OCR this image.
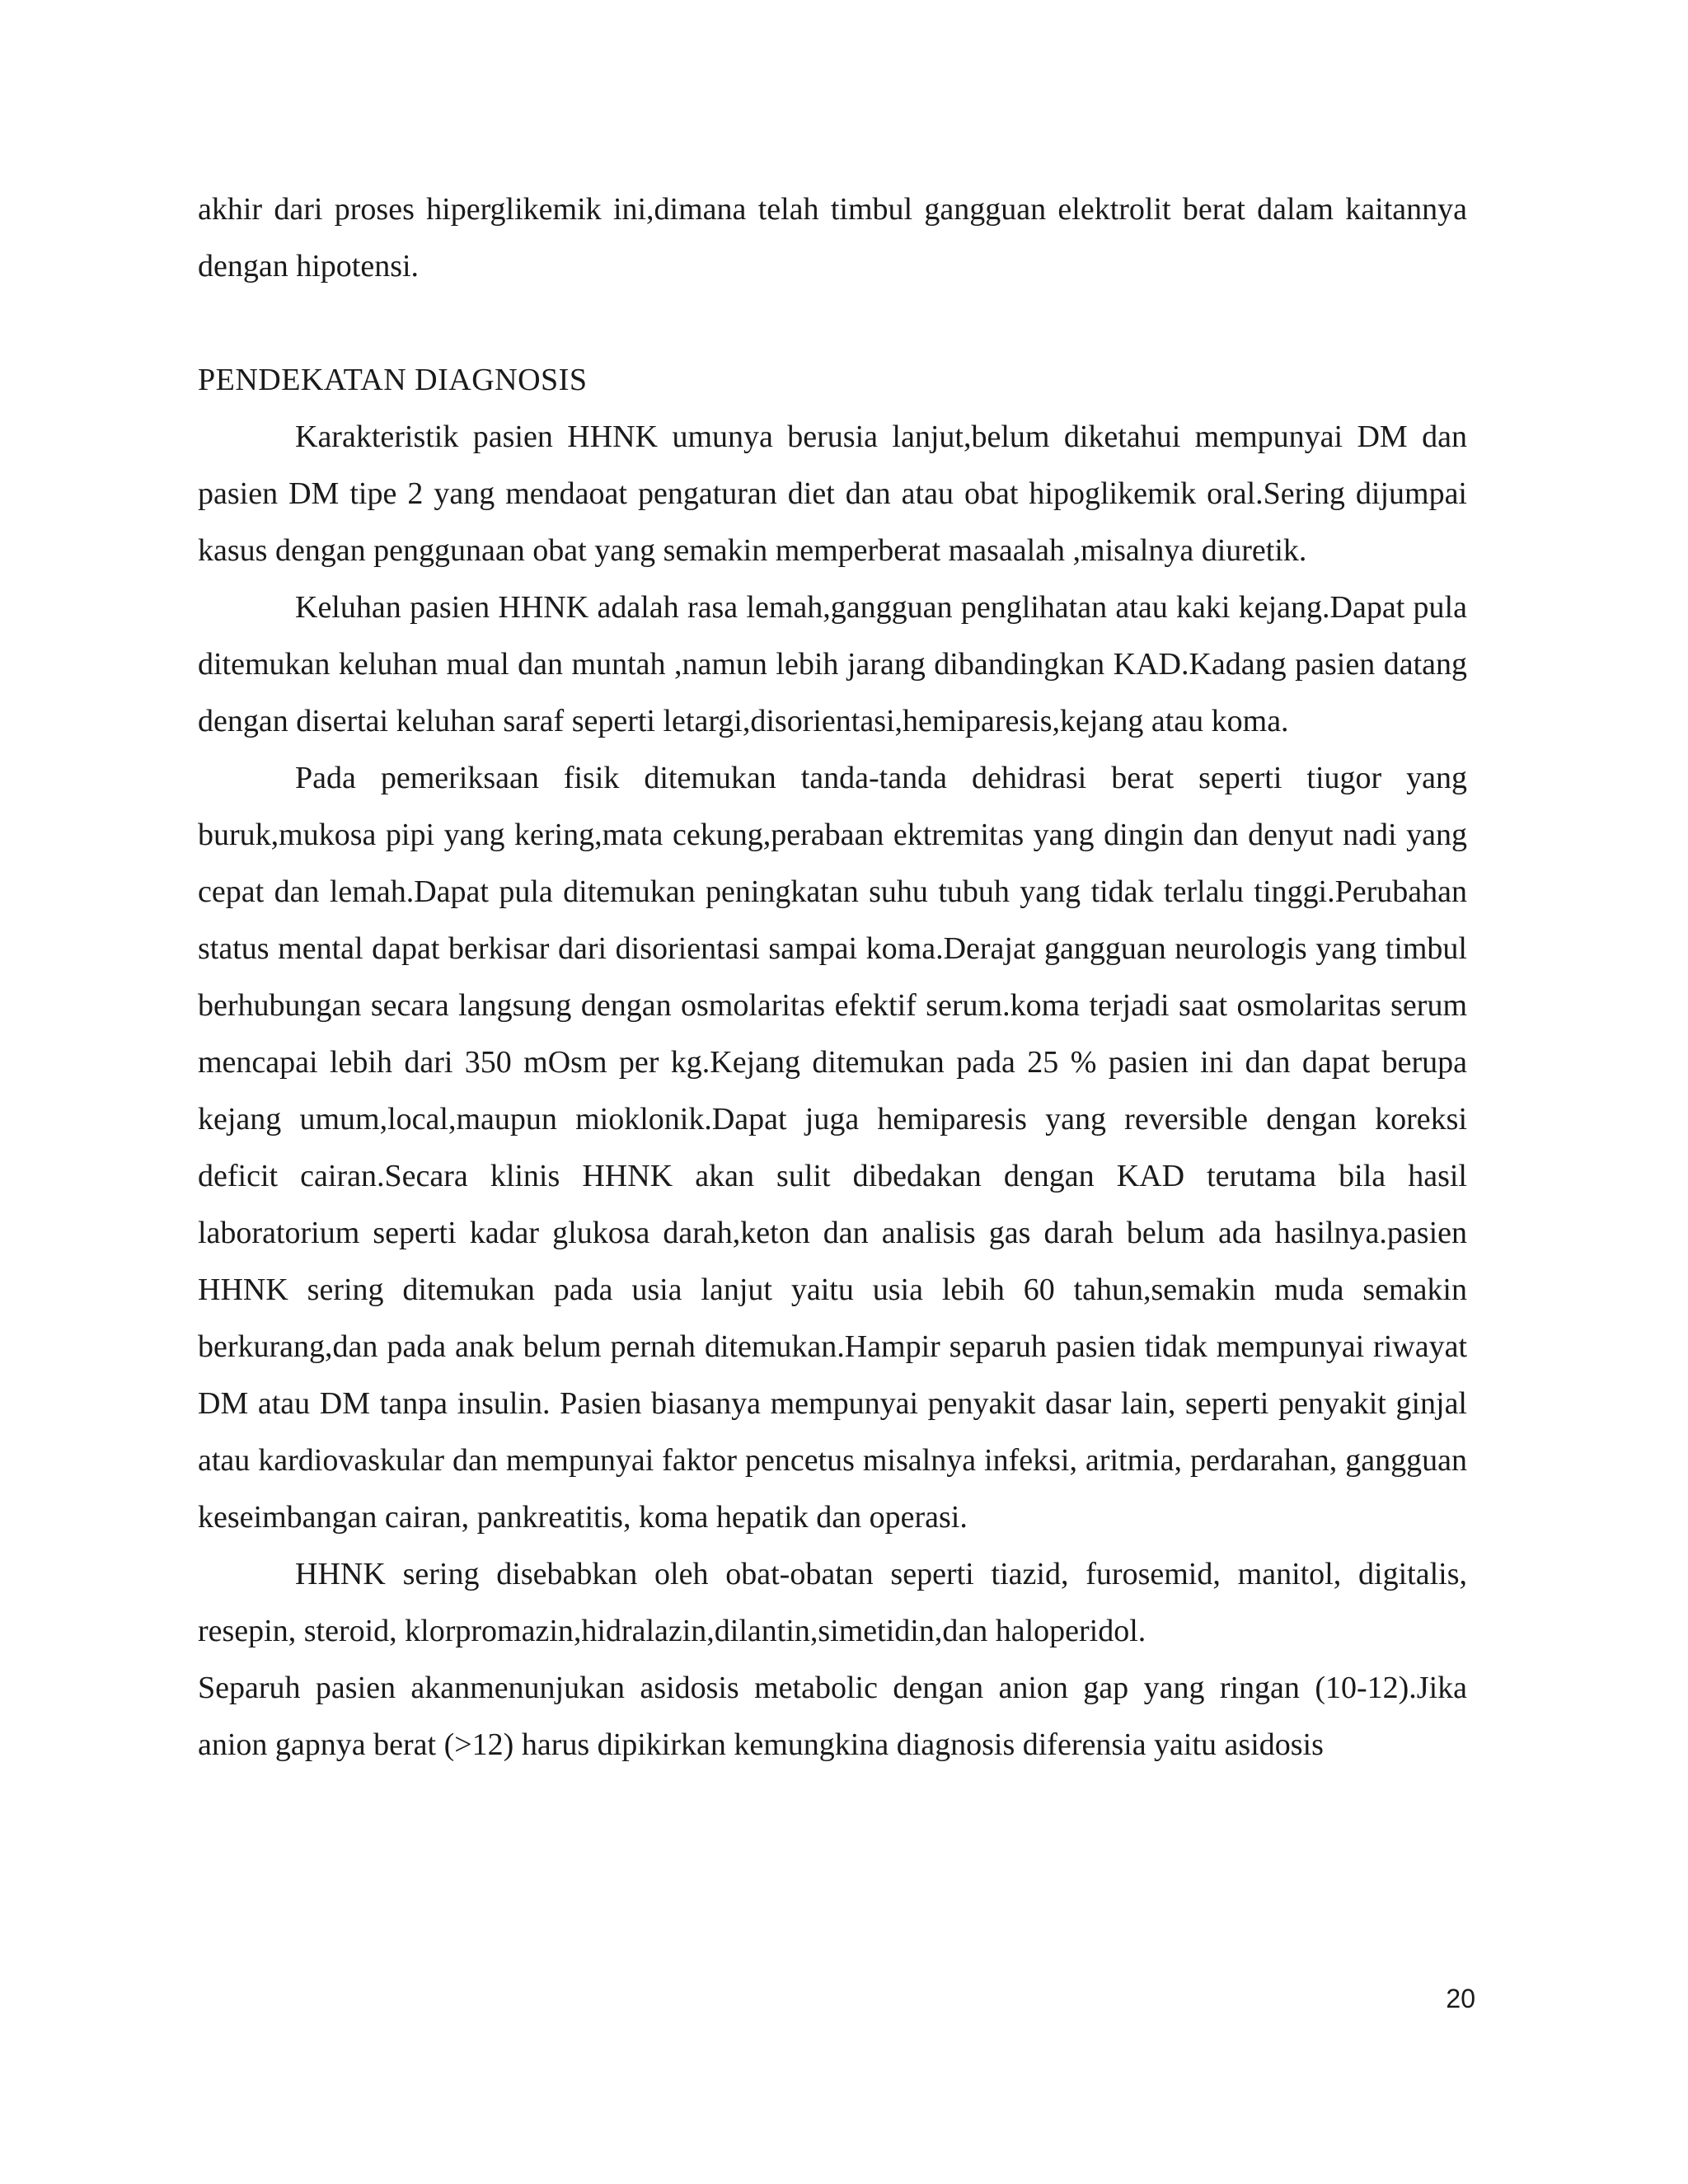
akhir dari proses hiperglikemik ini,dimana telah timbul gangguan elektrolit berat dalam kaitannya dengan hipotensi.

PENDEKATAN DIAGNOSIS

Karakteristik pasien HHNK umunya berusia lanjut,belum diketahui mempunyai DM dan pasien DM tipe 2 yang mendaoat pengaturan diet dan atau obat hipoglikemik oral.Sering dijumpai kasus dengan penggunaan obat yang semakin memperberat masaalah ,misalnya diuretik.

Keluhan pasien HHNK adalah rasa lemah,gangguan penglihatan atau kaki kejang.Dapat pula ditemukan keluhan mual dan muntah ,namun lebih jarang dibandingkan KAD.Kadang pasien datang dengan disertai keluhan saraf seperti letargi,disorientasi,hemiparesis,kejang atau koma.

Pada pemeriksaan fisik ditemukan tanda-tanda dehidrasi berat seperti tiugor yang buruk,mukosa pipi yang kering,mata cekung,perabaan ektremitas yang dingin dan denyut nadi yang cepat dan lemah.Dapat pula ditemukan peningkatan suhu tubuh yang tidak terlalu tinggi.Perubahan status mental dapat berkisar dari disorientasi sampai koma.Derajat gangguan neurologis yang timbul berhubungan secara langsung dengan osmolaritas efektif serum.koma terjadi saat osmolaritas serum mencapai lebih dari 350 mOsm per kg.Kejang ditemukan pada 25 % pasien ini dan dapat berupa kejang umum,local,maupun mioklonik.Dapat juga hemiparesis yang reversible dengan koreksi deficit cairan.Secara klinis HHNK akan sulit dibedakan dengan KAD terutama bila hasil laboratorium seperti kadar glukosa darah,keton dan analisis gas darah belum ada hasilnya.pasien HHNK sering ditemukan pada usia lanjut yaitu usia lebih 60 tahun,semakin muda semakin berkurang,dan pada anak belum pernah ditemukan.Hampir separuh pasien tidak mempunyai riwayat DM atau DM tanpa insulin. Pasien biasanya mempunyai penyakit dasar lain, seperti penyakit ginjal atau kardiovaskular dan mempunyai faktor pencetus misalnya infeksi, aritmia, perdarahan, gangguan keseimbangan cairan, pankreatitis, koma hepatik dan operasi.

HHNK sering disebabkan oleh obat-obatan seperti tiazid, furosemid, manitol, digitalis, resepin, steroid, klorpromazin,hidralazin,dilantin,simetidin,dan haloperidol.

Separuh pasien akanmenunjukan asidosis metabolic dengan anion gap yang ringan (10-12).Jika anion gapnya berat (>12) harus dipikirkan kemungkina diagnosis diferensia yaitu asidosis

20
